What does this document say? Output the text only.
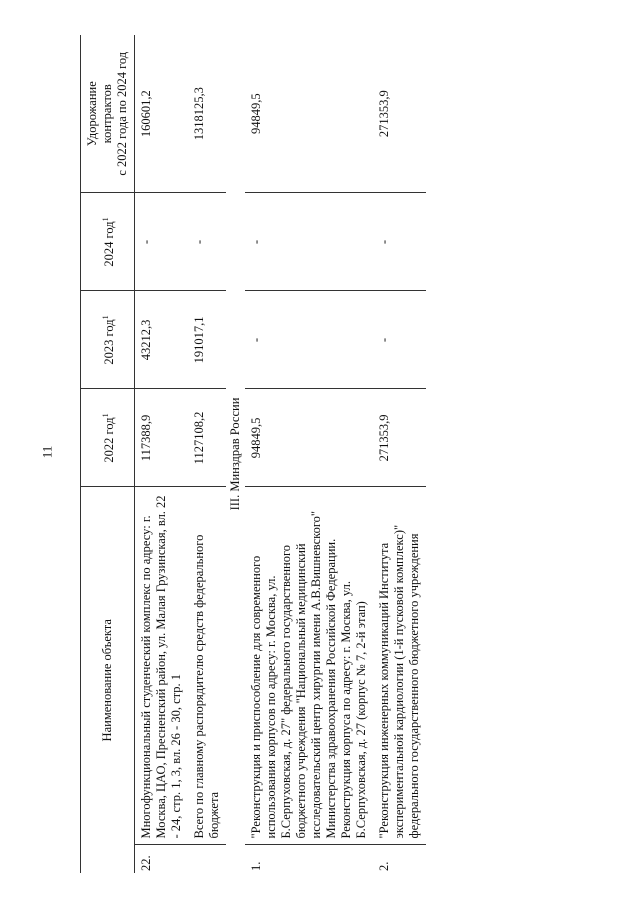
11
Наименование объекта		2022 год$^1$	2023 год$^1$	2024 год$^1$	Удорожание контрактов с 2022 года по 2024 год

22.	Многофункциональный студенческий комплекс по адресу: г. Москва, ЦАО, Пресненский район, ул. Малая Грузинская, вл. 22 - 24, стр. 1, 3, вл. 26 - 30, стр. 1	117388,9	43212,3	-	160601,2
	Всего по главному распорядителю средств федерального бюджета	1127108,2	191017,1	-	1318125,3
III. Минздрав России					
1.	"Реконструкция и приспособление для современного использования корпусов по адресу: г. Москва, ул. Б.Серпуховская, д. 27" федерального государственного бюджетного учреждения "Национальный медицинский исследовательский центр хирургии имени А.В.Вишневского" Министерства здравоохранения Российской Федерации. Реконструкция корпуса по адресу: г. Москва, ул. Б.Серпуховская, д. 27 (корпус № 7, 2-й этап)	94849,5	-	-	94849,5
2.	"Реконструкция инженерных коммуникаций Института экспериментальной кардиологии (1-й пусковой комплекс)" федерального государственного бюджетного учреждения	271353,9	-	-	271353,9
